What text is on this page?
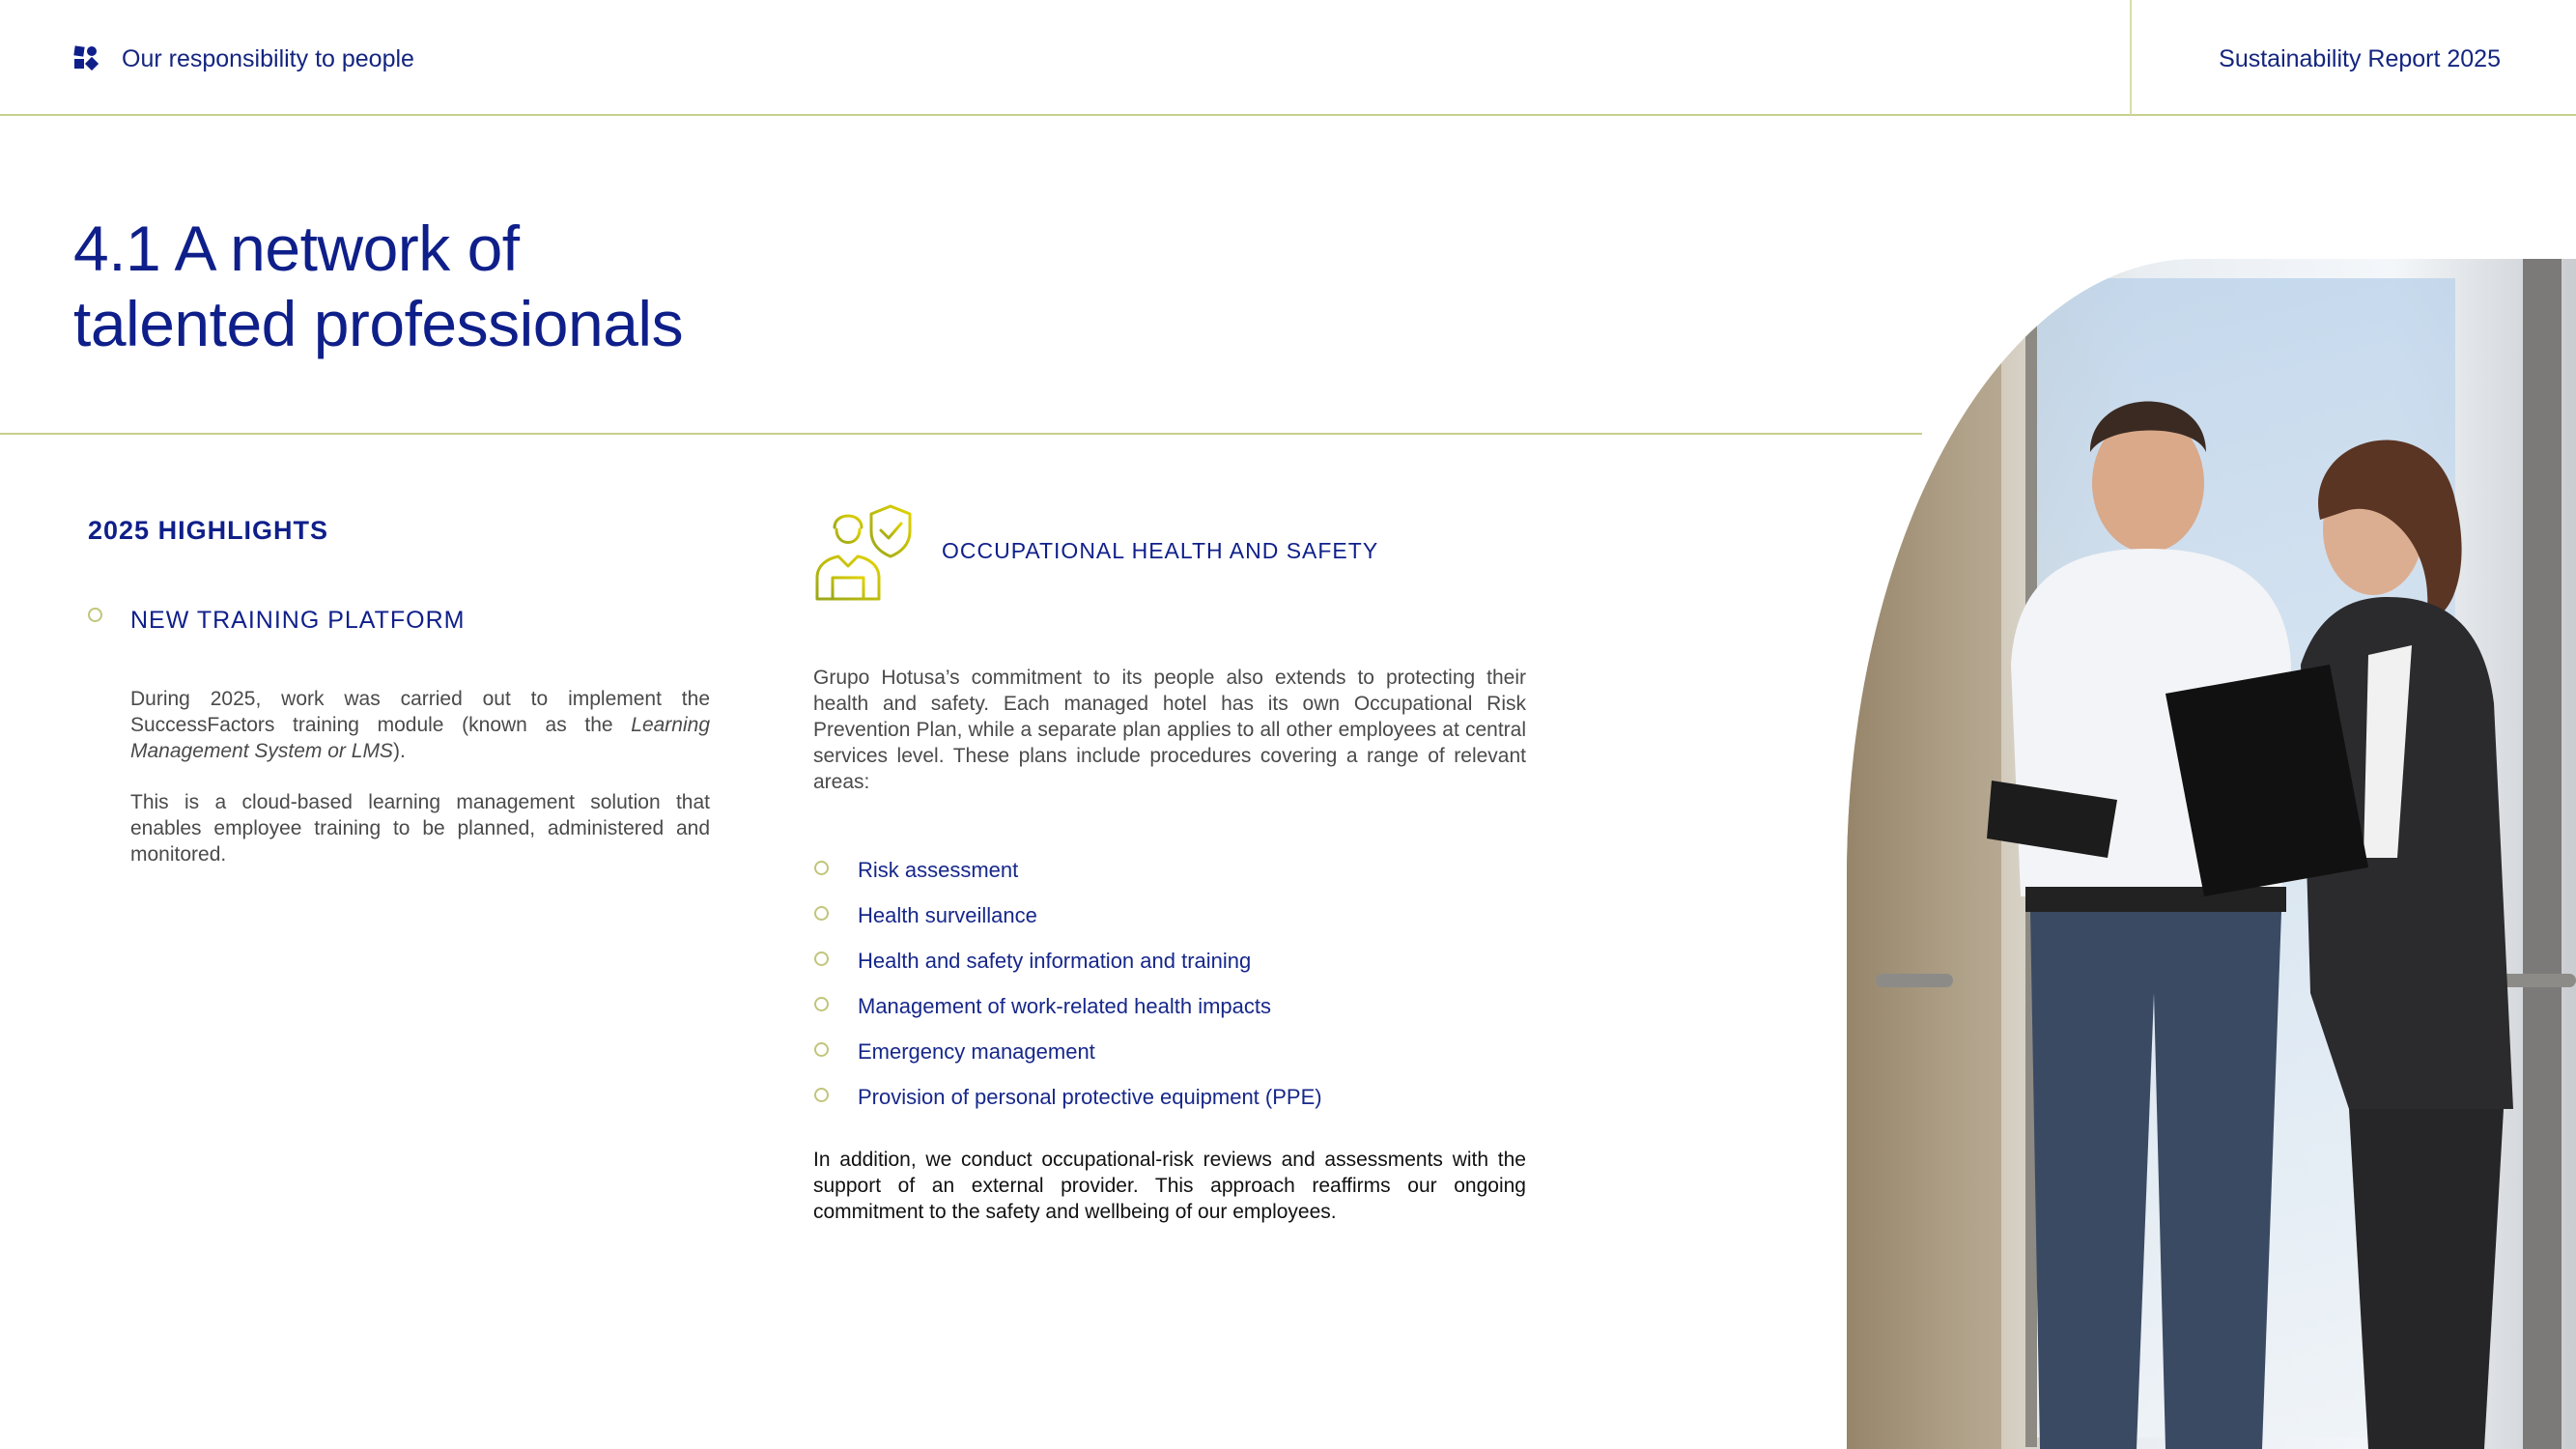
Our responsibility to people	Sustainability Report 2025
4.1 A network of
talented professionals
2025 HIGHLIGHTS
NEW TRAINING PLATFORM
During 2025, work was carried out to implement the SuccessFactors training module (known as the Learning Management System or LMS).
This is a cloud-based learning management solution that enables employee training to be planned, administered and monitored.
OCCUPATIONAL HEALTH AND SAFETY
Grupo Hotusa’s commitment to its people also extends to protecting their health and safety. Each managed hotel has its own Occupational Risk Prevention Plan, while a separate plan applies to all other employees at central services level. These plans include procedures covering a range of relevant areas:
Risk assessment
Health surveillance
Health and safety information and training
Management of work-related health impacts
Emergency management
Provision of personal protective equipment (PPE)
In addition, we conduct occupational-risk reviews and assessments with the support of an external provider. This approach reaffirms our ongoing commitment to the safety and wellbeing of our employees.
